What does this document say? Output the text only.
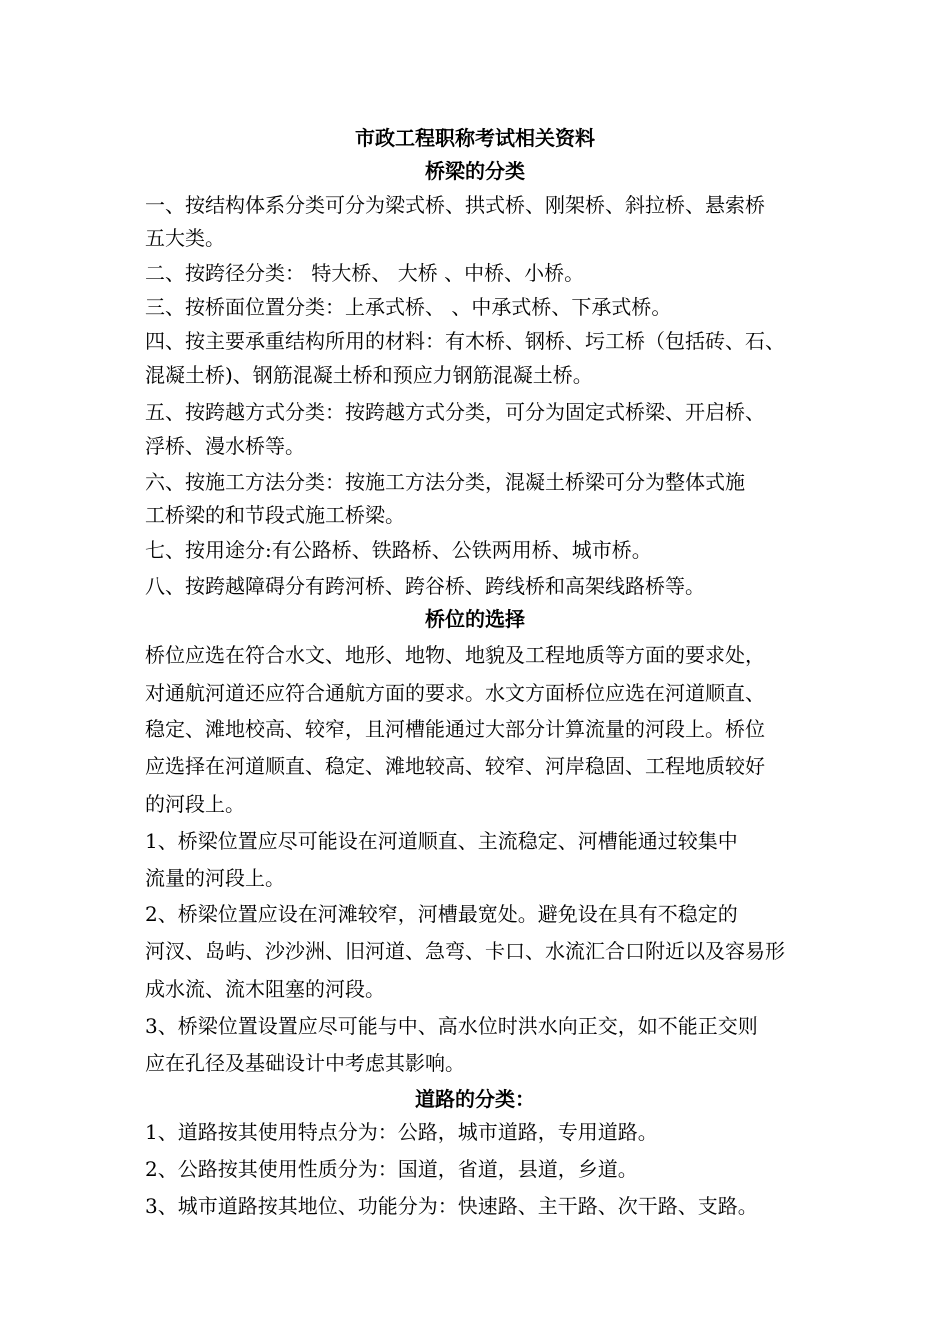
市政工程职称考试相关资料
桥梁的分类

一、按结构体系分类可分为梁式桥、拱式桥、刚架桥、斜拉桥、悬索桥

五大类。

二、按跨径分类： 特大桥、 大桥 、中桥、小桥。

三、按桥面位置分类：上承式桥、 、中承式桥、下承式桥。

四、按主要承重结构所用的材料：有木桥、钢桥、圬工桥（包括砖、石、

混凝土桥)、钢筋混凝土桥和预应力钢筋混凝土桥。

五、按跨越方式分类：按跨越方式分类，可分为固定式桥梁、开启桥、

浮桥、漫水桥等。

六、按施工方法分类：按施工方法分类，混凝土桥梁可分为整体式施

工桥梁的和节段式施工桥梁。

七、按用途分:有公路桥、铁路桥、公铁两用桥、城市桥。

八、按跨越障碍分有跨河桥、跨谷桥、跨线桥和高架线路桥等。

桥位的选择

桥位应选在符合水文、地形、地物、地貌及工程地质等方面的要求处，

对通航河道还应符合通航方面的要求。水文方面桥位应选在河道顺直、

稳定、滩地校高、较窄，且河槽能通过大部分计算流量的河段上。桥位

应选择在河道顺直、稳定、滩地较高、较窄、河岸稳固、工程地质较好

的河段上。

1、桥梁位置应尽可能设在河道顺直、主流稳定、河槽能通过较集中

流量的河段上。

2、桥梁位置应设在河滩较窄，河槽最宽处。避免设在具有不稳定的

河汊、岛屿、沙沙洲、旧河道、急弯、卡口、水流汇合口附近以及容易形

成水流、流木阻塞的河段。

3、桥梁位置设置应尽可能与中、高水位时洪水向正交，如不能正交则

应在孔径及基础设计中考虑其影响。

道路的分类：

1、道路按其使用特点分为：公路，城市道路，专用道路。

2、公路按其使用性质分为：国道，省道，县道，乡道。

3、城市道路按其地位、功能分为：快速路、主干路、次干路、支路。
